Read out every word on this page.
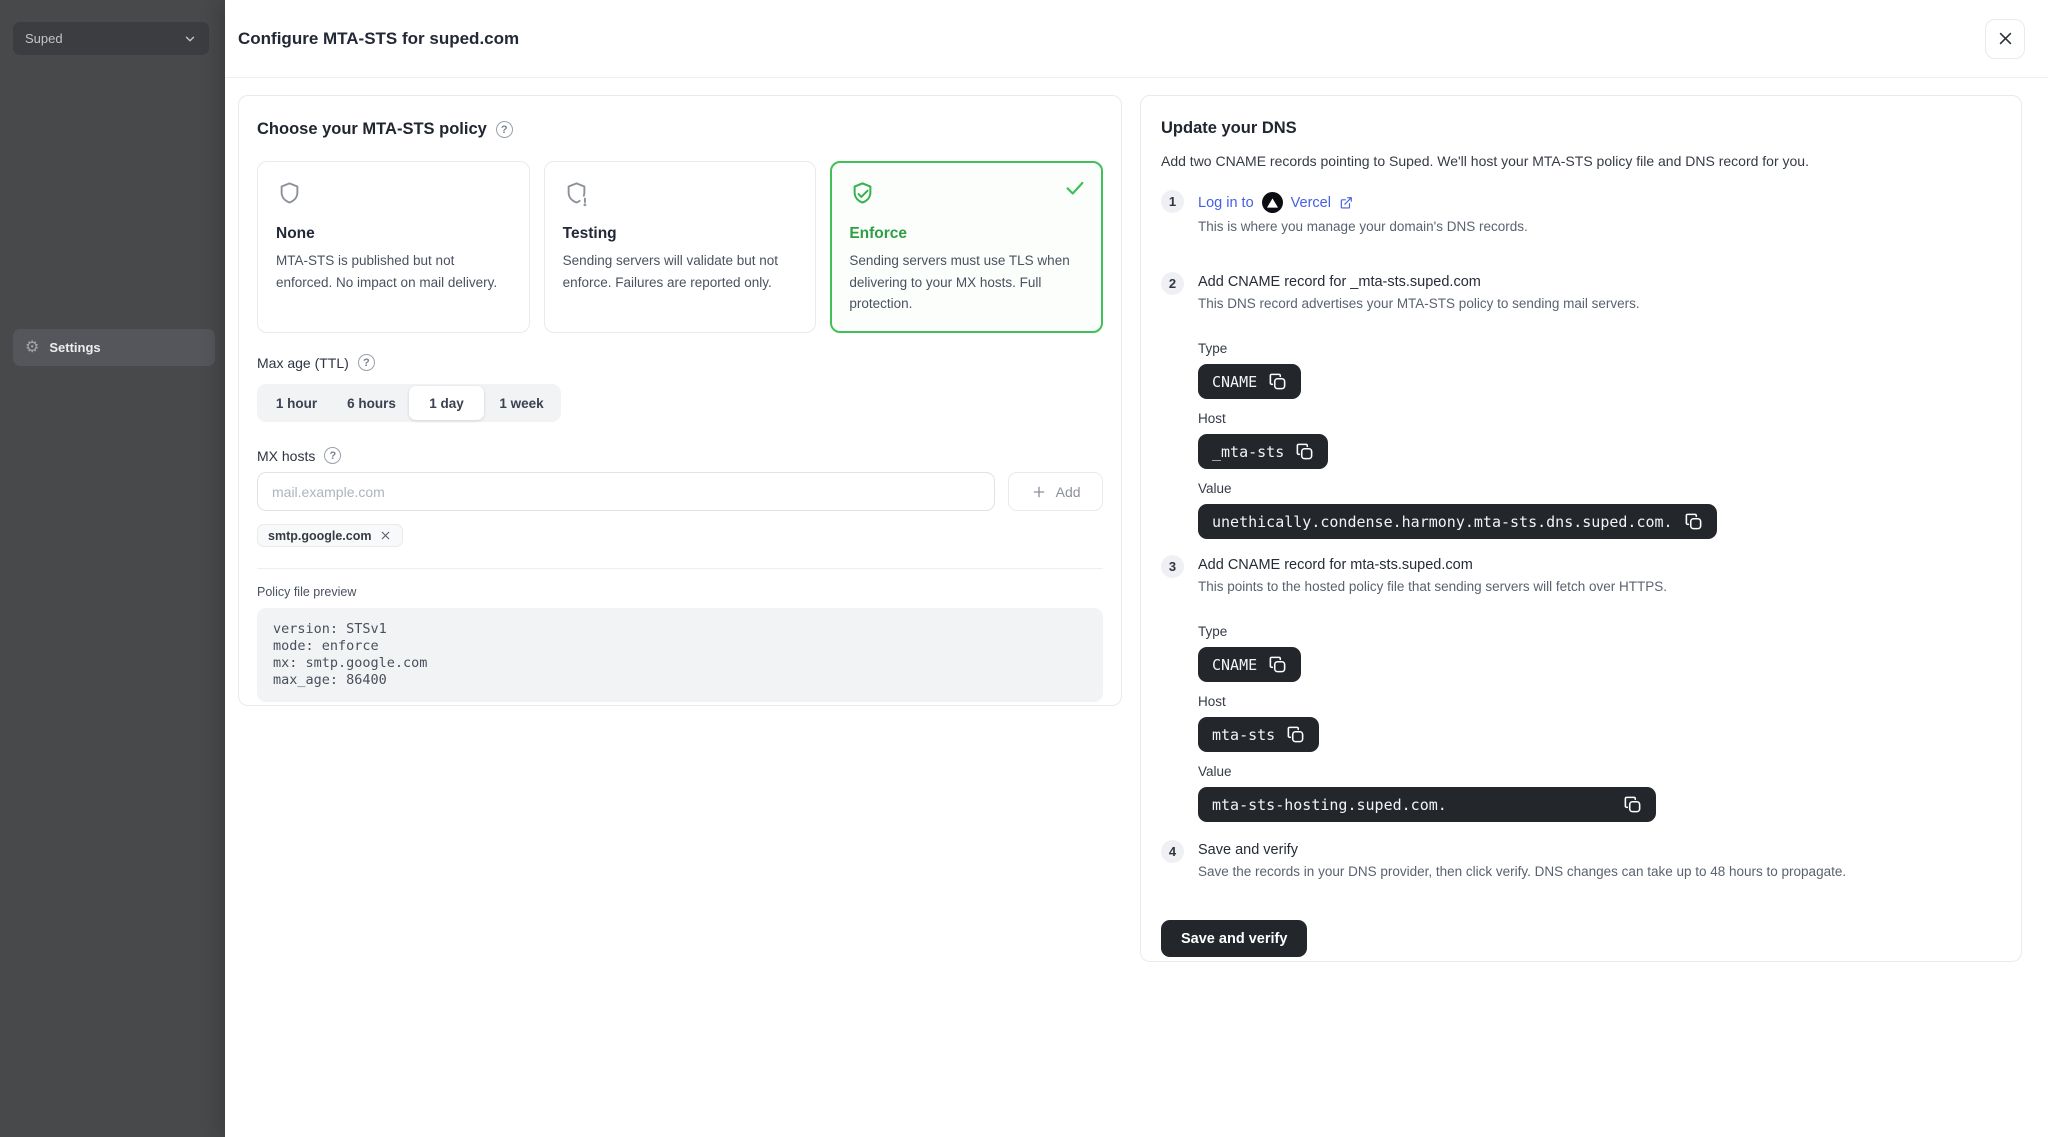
Suped
⚙ Settings
Configure MTA-STS for suped.com
Choose your MTA-STS policy	?
None

MTA-STS is published but not enforced. No impact on mail delivery.

Testing

Sending servers will validate but not enforce. Failures are reported only.

Enforce

Sending servers must use TLS when delivering to your MX hosts. Full protection.

Max age (TTL)	?
1 hour	6 hours	1 day	1 week
MX hosts	?
mail.example.com
Add
smtp.google.com
Policy file preview
version: STSv1
mode: enforce
mx: smtp.google.com
max_age: 86400
Update your DNS
Add two CNAME records pointing to Suped. We'll host your MTA-STS policy file and DNS record for you.
1	Log in to	Vercel
This is where you manage your domain's DNS records.
2	Add CNAME record for _mta-sts.suped.com
This DNS record advertises your MTA-STS policy to sending mail servers.
Type
CNAME
Host
_mta-sts
Value
unethically.condense.harmony.mta-sts.dns.suped.com.
3	Add CNAME record for mta-sts.suped.com
This points to the hosted policy file that sending servers will fetch over HTTPS.
Type
CNAME
Host
mta-sts
Value
mta-sts-hosting.suped.com.
4	Save and verify
Save the records in your DNS provider, then click verify. DNS changes can take up to 48 hours to propagate.
Save and verify
